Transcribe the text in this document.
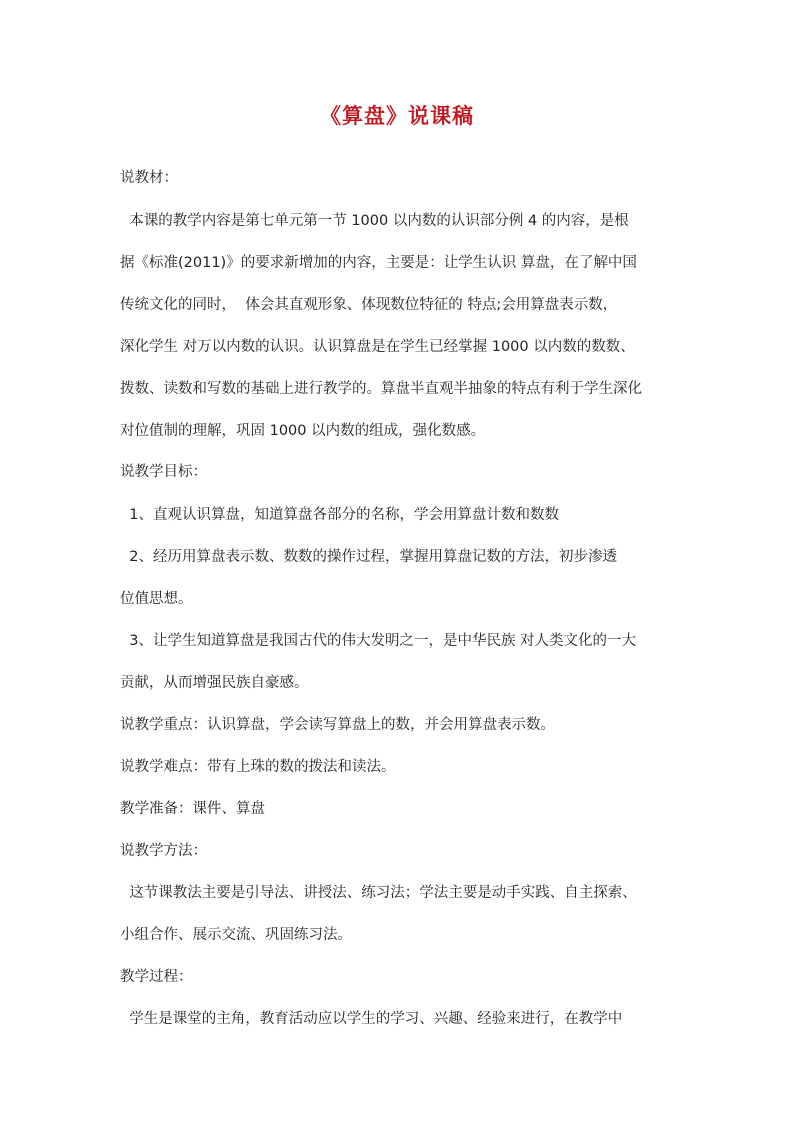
《算盘》说课稿
说教材：
本课的教学内容是第七单元第一节 1000 以内数的认识部分例 4 的内容，是根
据《标准(2011)》的要求新增加的内容，主要是：让学生认识 算盘，在了解中国
传统文化的同时，  体会其直观形象、体现数位特征的 特点;会用算盘表示数，
深化学生 对万以内数的认识。认识算盘是在学生已经掌握 1000 以内数的数数、
拨数、读数和写数的基础上进行教学的。算盘半直观半抽象的特点有利于学生深化
对位值制的理解，巩固 1000 以内数的组成，强化数感。
说教学目标：
1、直观认识算盘，知道算盘各部分的名称，学会用算盘计数和数数
2、经历用算盘表示数、数数的操作过程，掌握用算盘记数的方法，初步渗透
位值思想。
3、让学生知道算盘是我国古代的伟大发明之一，是中华民族 对人类文化的一大
贡献，从而增强民族自豪感。
说教学重点：认识算盘，学会读写算盘上的数，并会用算盘表示数。
说教学难点：带有上珠的数的拨法和读法。
教学准备：课件、算盘
说教学方法：
这节课教法主要是引导法、讲授法、练习法；学法主要是动手实践、自主探索、
小组合作、展示交流、巩固练习法。
教学过程：
学生是课堂的主角，教育活动应以学生的学习、兴趣、经验来进行，在教学中
